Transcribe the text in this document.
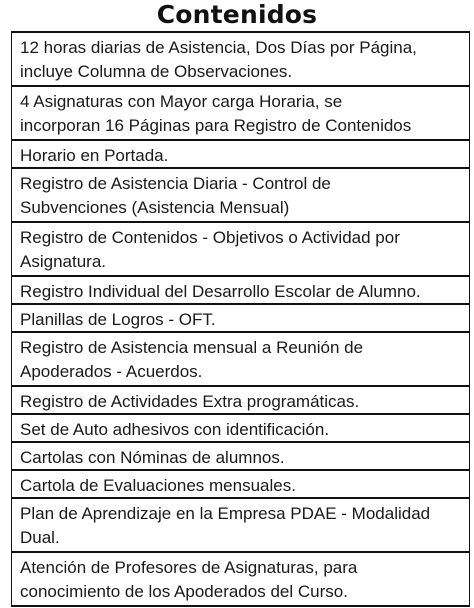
Contenidos
12 horas diarias de Asistencia, Dos Días por Página,
incluye Columna de Observaciones.
4 Asignaturas con Mayor carga Horaria, se
incorporan 16 Páginas para Registro de Contenidos
Horario en Portada.
Registro de Asistencia Diaria - Control de
Subvenciones (Asistencia Mensual)
Registro de Contenidos - Objetivos o Actividad por
Asignatura.
Registro Individual del Desarrollo Escolar de Alumno.
Planillas de Logros - OFT.
Registro de Asistencia mensual a Reunión de
Apoderados - Acuerdos.
Registro de Actividades Extra programáticas.
Set de Auto adhesivos con identificación.
Cartolas con Nóminas de alumnos.
Cartola de Evaluaciones mensuales.
Plan de Aprendizaje en la Empresa PDAE - Modalidad
Dual.
Atención de Profesores de Asignaturas, para
conocimiento de los Apoderados del Curso.
